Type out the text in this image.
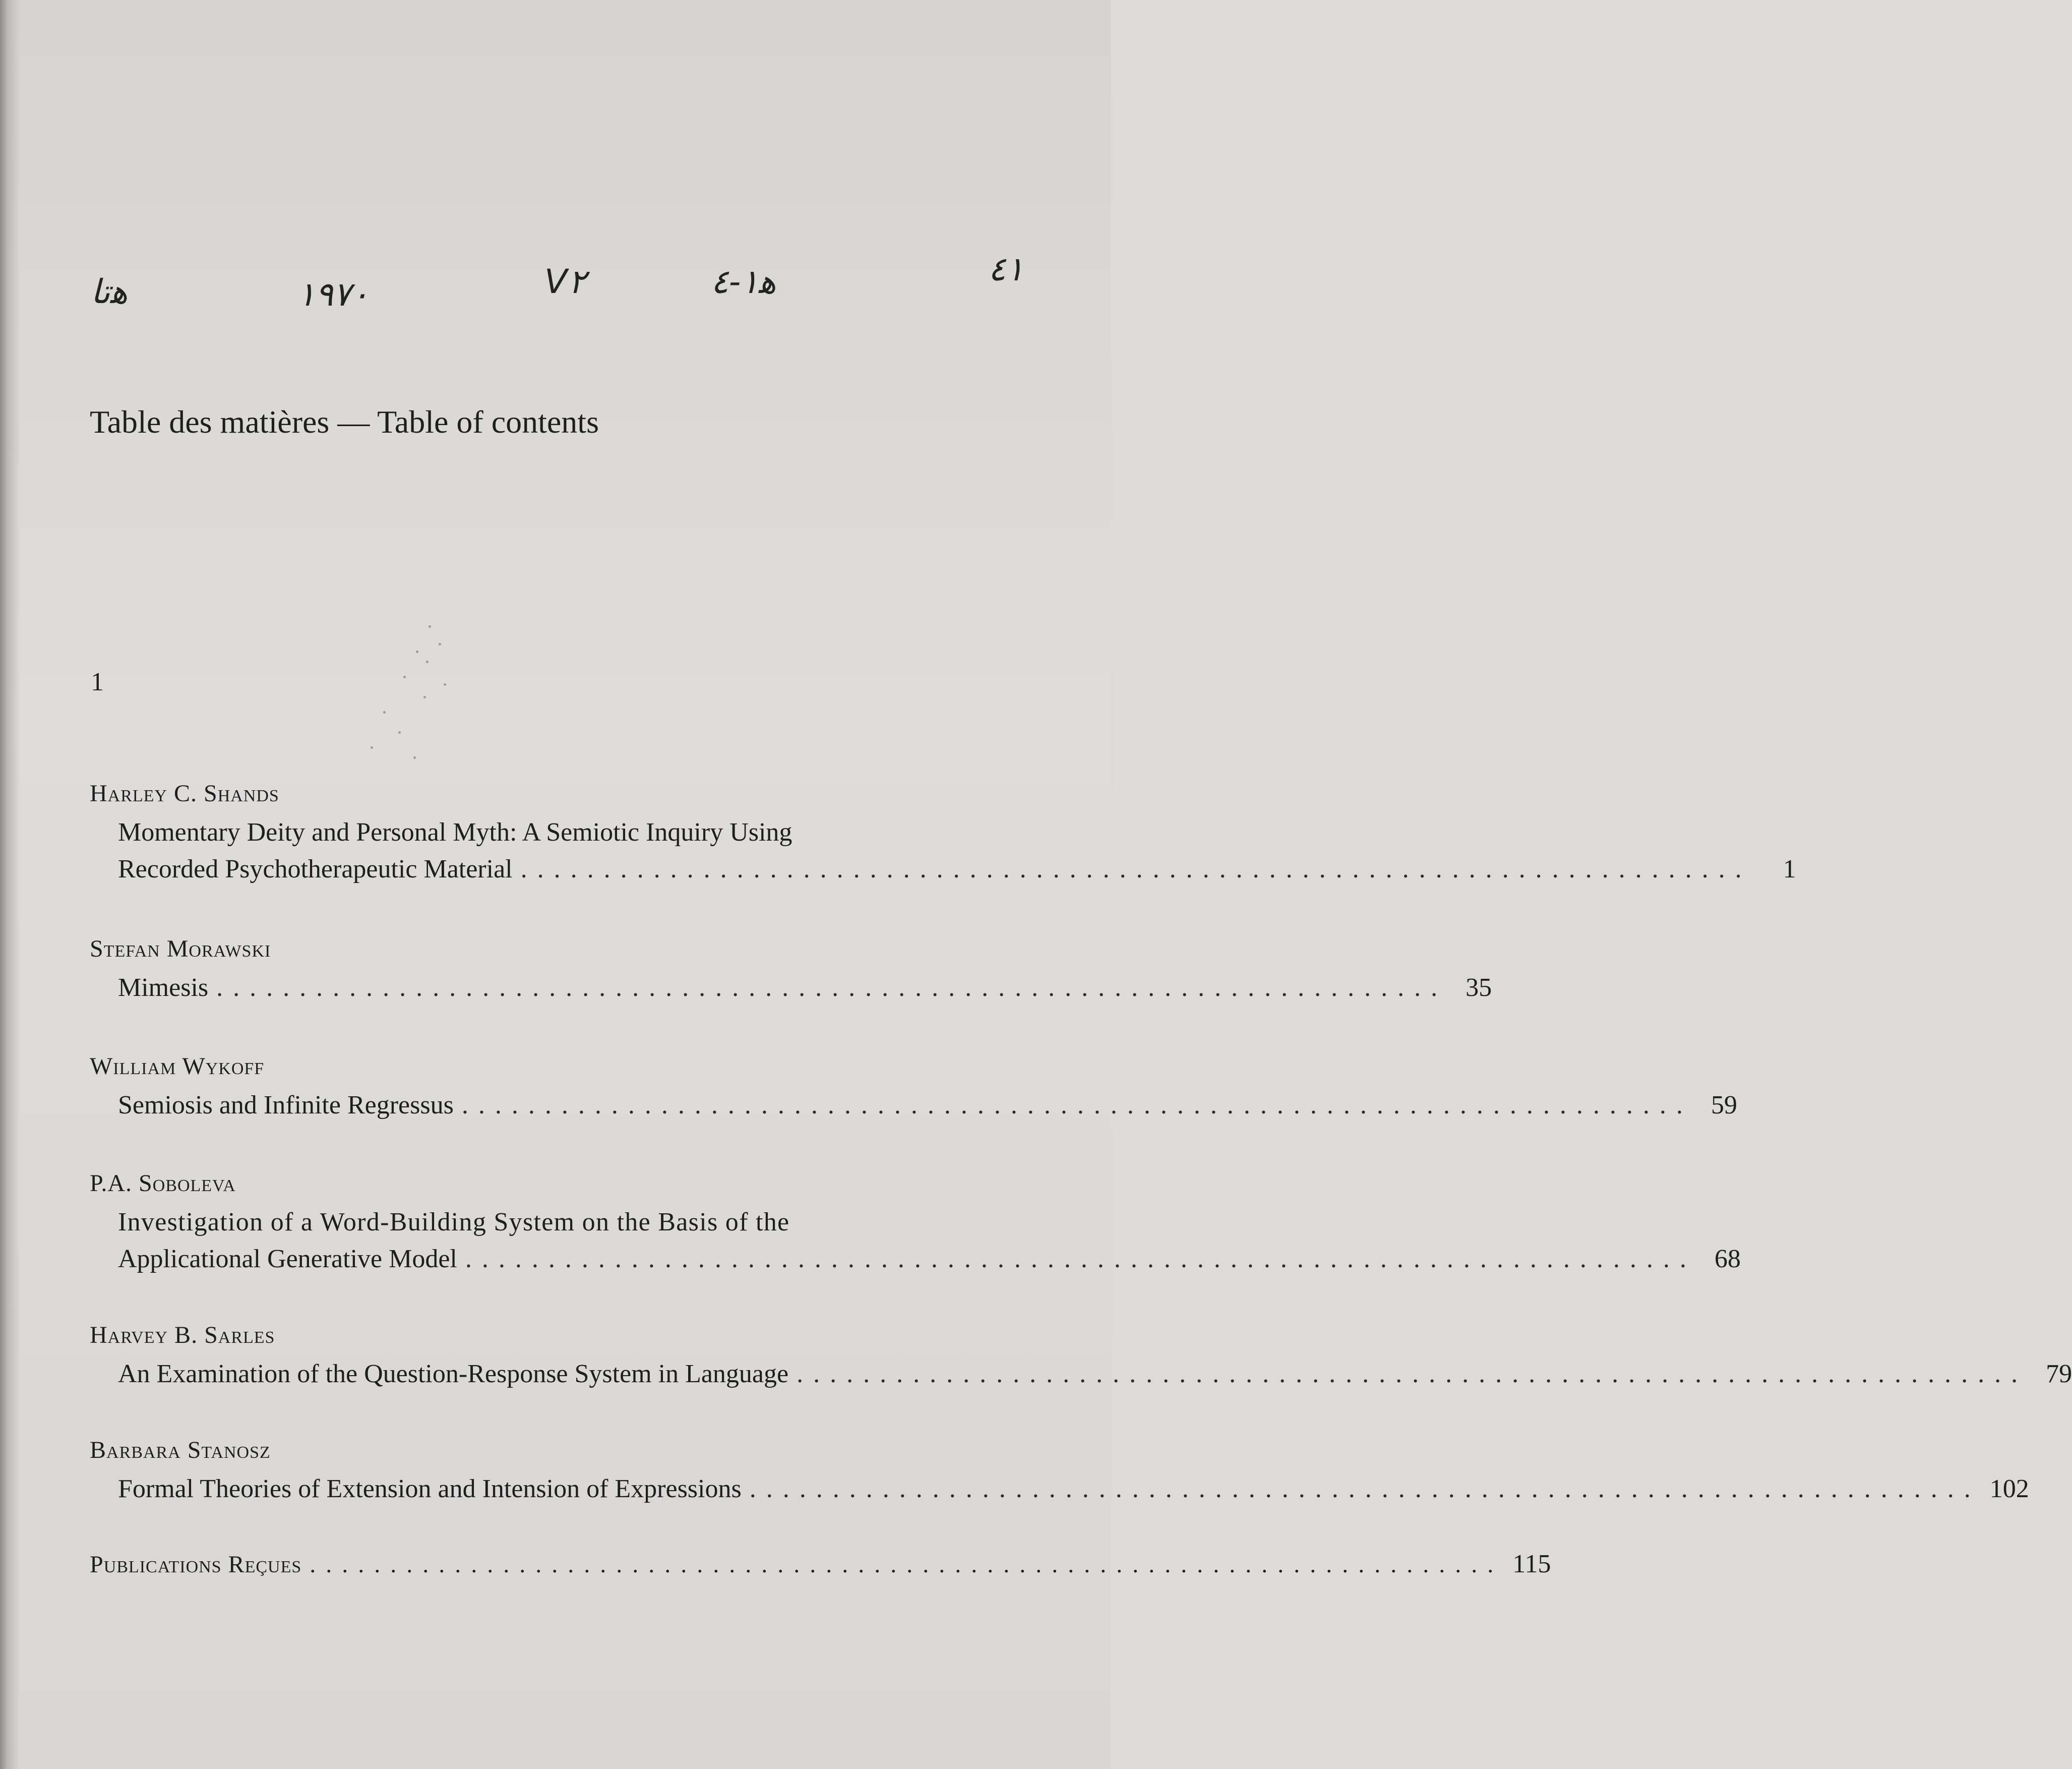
ﻫﺗﺎ	١٩٧٠	V٢	ﻫ١-٤	٤١
Table des matières — Table of contents
1
Harley C. Shands
Momentary Deity and Personal Myth: A Semiotic Inquiry Using
Recorded Psychotherapeutic Material ..........................................................................	1
Stefan Morawski
Mimesis .......................................................................... 35
William Wykoff
Semiosis and Infinite Regressus .......................................................................... 59
P.A. Soboleva
Investigation of a Word-Building System on the Basis of the
Applicational Generative Model .......................................................................... 68
Harvey B. Sarles
An Examination of the Question-Response System in Language .......................................................................... 79
Barbara Stanosz
Formal Theories of Extension and Intension of Expressions .......................................................................... 102
Publications Reçues .......................................................................... 115
